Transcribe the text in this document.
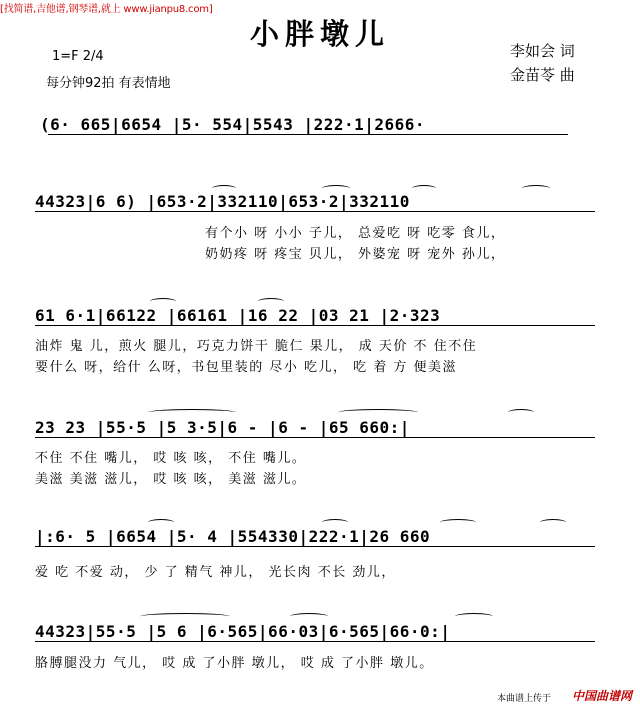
[找简谱,吉他谱,钢琴谱,就上 www.jianpu8.com]
小胖墩儿
1=F 2/4
每分钟92拍 有表情地
李如会 词
金苗苓 曲
(6· 665|6654 |5· 554|5543 |222·1|2666·
44323|6 6) |653·2|332110|653·2|332110
有个小 呀 小小 子儿， 总爱吃 呀 吃零 食儿，
奶奶疼 呀 疼宝 贝儿， 外婆宠 呀 宠外 孙儿，
61 6·1|66122 |66161 |16 22 |03 21 |2·323
油炸 鬼 儿，煎火 腿儿，巧克力饼干 脆仁 果儿， 成 天价 不 住不住
要什么 呀，给什 么呀，书包里装的 尽小 吃儿， 吃 着 方 便美滋
23 23 |55·5 |5 3·5|6 - |6 - |65 660:|
不住 不住 嘴儿， 哎 咳 咳， 不住 嘴儿。
美滋 美滋 滋儿， 哎 咳 咳， 美滋 滋儿。
|:6· 5 |6654 |5· 4 |554330|222·1|26 660
爱 吃 不爱 动， 少 了 精气 神儿， 光长肉 不长 劲儿，
44323|55·5 |5 6 |6·565|66·03|6·565|66·0:|
胳膊腿没力 气儿， 哎 成 了小胖 墩儿， 哎 成 了小胖 墩儿。
本曲谱上传于 中国曲谱网
